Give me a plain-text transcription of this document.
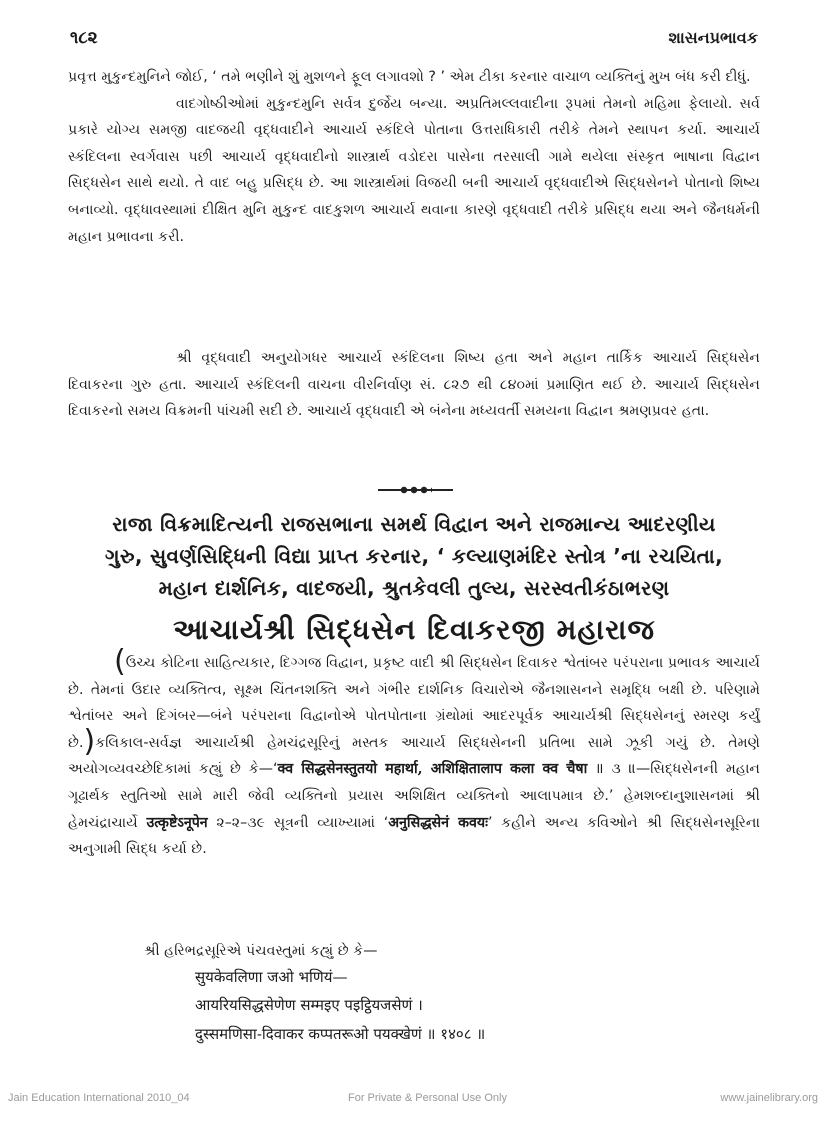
૧૮૨	શાસનપ્રભાવક

પ્રવૃત્ત મુકુન્દમુનિને જોઈ, ‘ તમે ભણીને શું મુશળને ફૂલ લગાવશો ? ’ એમ ટીકા કરનાર વાચાળ વ્યક્તિનું મુખ બંધ કરી દીધું.

વાદગોષ્ઠીઓમાં મુકુન્દમુનિ સર્વત્ર દુર્જેય બન્યા. અપ્રતિમલ્લવાદીના રૂપમાં તેમનો મહિમા ફેલાયો. સર્વ પ્રકારે યોગ્ય સમજી વાદજયી વૃદ્ધવાદીને આચાર્ય સ્કંદિલે પોતાના ઉત્તરાધિકારી તરીકે તેમને સ્થાપન કર્યા. આચાર્ય સ્કંદિલના સ્વર્ગવાસ પછી આચાર્ય વૃદ્ધવાદીનો શાસ્ત્રાર્થ વડોદરા પાસેના તરસાલી ગામે થયેલા સંસ્કૃત ભાષાના વિદ્વાન સિદ્ધસેન સાથે થયો. તે વાદ બહુ પ્રસિદ્ધ છે. આ શાસ્ત્રાર્થમાં વિજયી બની આચાર્ય વૃદ્ધવાદીએ સિદ્ધસેનને પોતાનો શિષ્ય બનાવ્યો. વૃદ્ધાવસ્થામાં દીક્ષિત મુનિ મુકુન્દ વાદકુશળ આચાર્ય થવાના કારણે વૃદ્ધવાદી તરીકે પ્રસિદ્ધ થયા અને જૈનધર્મની મહાન પ્રભાવના કરી.

શ્રી વૃદ્ધવાદી અનુયોગધર આચાર્ય સ્કંદિલના શિષ્ય હતા અને મહાન તાર્કિક આચાર્ય સિદ્ધસેન દિવાકરના ગુરુ હતા. આચાર્ય સ્કંદિલની વાચના વીરનિર્વાણ સં. ૮૨૭ થી ૮૪૦માં પ્રમાણિત થઈ છે. આચાર્ય સિદ્ધસેન દિવાકરનો સમય વિક્રમની પાંચમી સદી છે. આચાર્ય વૃદ્ધવાદી એ બંનેના મધ્યવર્તી સમયના વિદ્વાન શ્રમણપ્રવર હતા.

રાજા વિક્રમાદિત્યની રાજસભાના સમર્થ વિદ્વાન અને રાજમાન્ય આદરણીય
ગુરુ, સુવર્ણસિદ્ધિની વિદ્યા પ્રાપ્ત કરનાર, ‘ કલ્યાણમંદિર સ્તોત્ર ’ના રચયિતા,
મહાન દાર્શનિક, વાદજયી, શ્રુતકેવલી તુલ્ય, સરસ્વતીકંઠાભરણ
આચાર્યશ્રી સિદ્ધસેન દિવાકરજી મહારાજ

(ઉચ્ચ કોટિના સાહિત્યકાર, દિગ્ગજ વિદ્વાન, પ્રકૃષ્ટ વાદી શ્રી સિદ્ધસેન દિવાકર શ્વેતાંબર પરંપરાના પ્રભાવક આચાર્ય છે. તેમનાં ઉદાર વ્યક્તિત્વ, સૂક્ષ્મ ચિંતનશક્તિ અને ગંભીર દાર્શનિક વિચારોએ જૈનશાસનને સમૃદ્ધિ બક્ષી છે. પરિણામે શ્વેતાંબર અને દિગંબર—બંને પરંપરાના વિદ્વાનોએ પોતપોતાના ગ્રંથોમાં આદરપૂર્વક આચાર્યશ્રી સિદ્ધસેનનું સ્મરણ કર્યું છે.)કલિકાલ-સર્વજ્ઞ આચાર્યશ્રી હેમચંદ્રસૂરિનું મસ્તક આચાર્ય સિદ્ધસેનની પ્રતિભા સામે ઝૂકી ગયું છે. તેમણે અયોગવ્યવચ્છેદિકામાં કહ્યું છે કે—‘क्व सिद्धसेनस्तुतयो महार्था, अशिक्षितालाप कला क्व चैषा ॥ ૩ ॥—સિદ્ધસેનની મહાન ગૂઢાર્થક સ્તુતિઓ સામે મારી જેવી વ્યક્તિનો પ્રયાસ અશિક્ષિત વ્યક્તિનો આલાપમાત્ર છે.’ હેમશબ્દાનુશાસનમાં શ્રી હેમચંદ્રાચાર્યે उत्कृष्टेऽनूपेन ૨–૨–૩૯ સૂત્રની વ્યાખ્યામાં ‘अनुसिद्धसेनं कवयः’ કહીને અન્ય કવિઓને શ્રી સિદ્ધસેનસૂરિના અનુગામી સિદ્ધ કર્યા છે.

શ્રી હરિભદ્રસૂરિએ પંચવસ્તુમાં કહ્યું છે કે—
सुयकेवलिणा जओ भणियं—
आयरियसिद्धसेणेण सम्मइए पइट्ठियजसेणं ।
दुस्समणिसा-दिवाकर कप्पतरूओ पयक्खेणं ॥ १४०८ ॥
Jain Education International 2010_04	For Private & Personal Use Only	www.jainelibrary.org
